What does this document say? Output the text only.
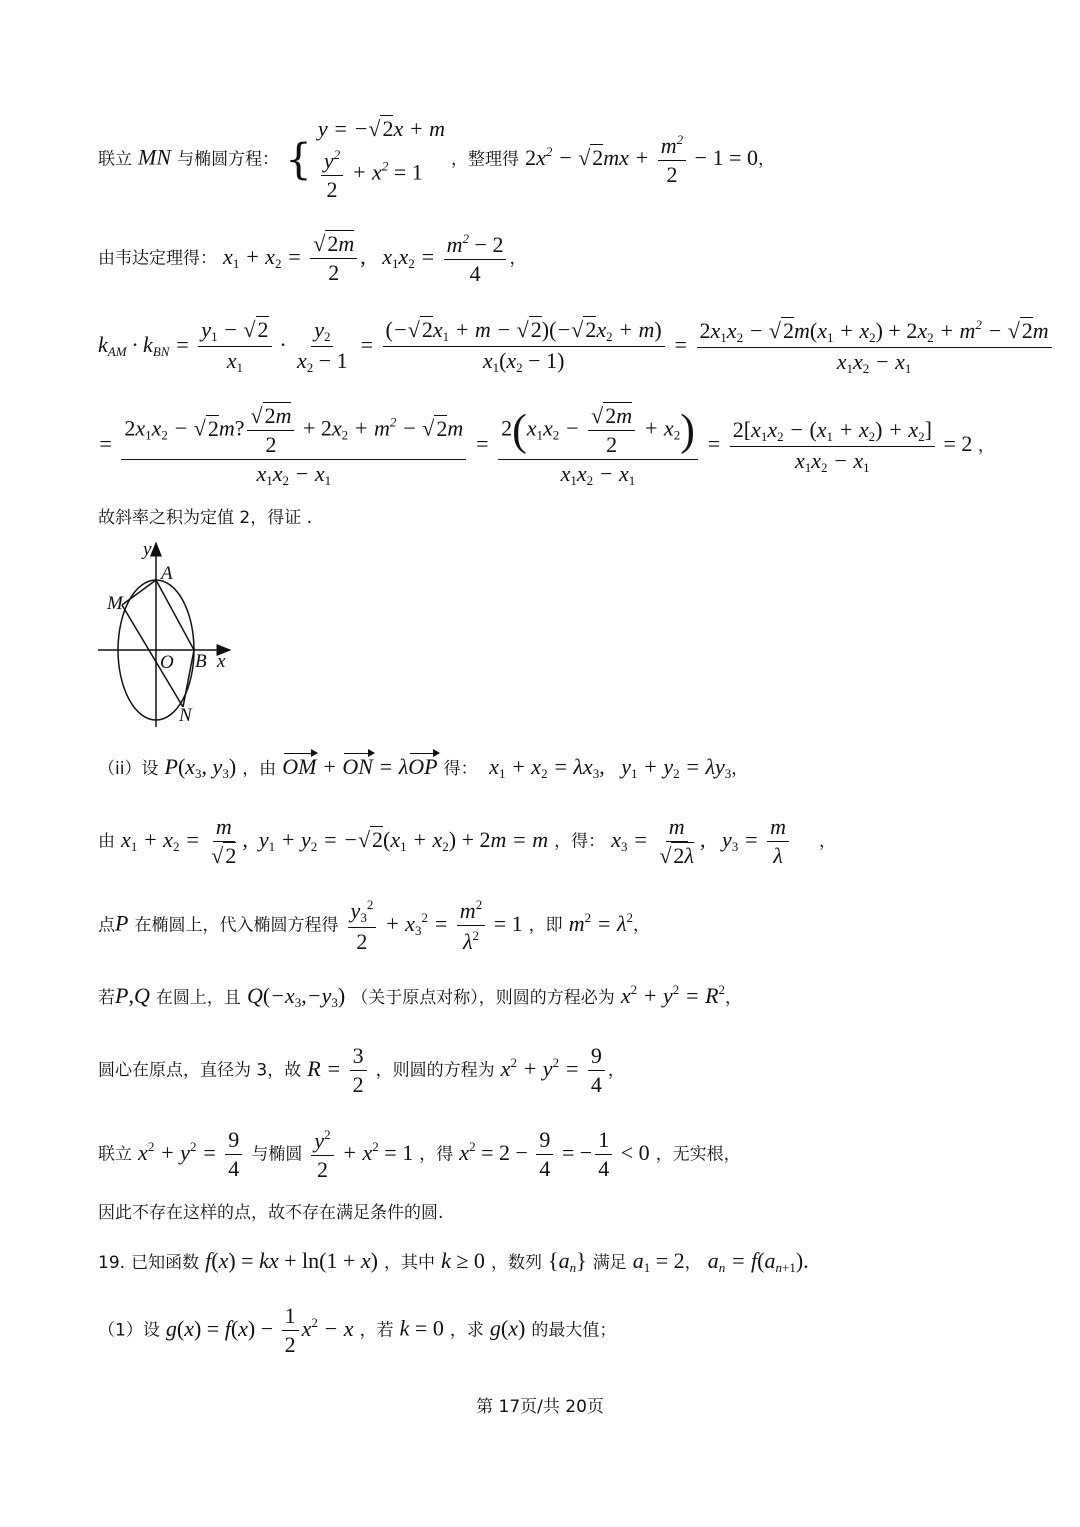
联立 MN 与椭圆方程： {
y = −√2x + m
$\frac{y^2}{2} + x^2 = 1$
，整理得 $2x^2 - √2mx + \frac{m^2}{2} - 1 = 0$，
由韦达定理得： $x_1 + x_2 = \frac{√2m}{2}$ ,   $x_1x_2 = \frac{m^2 - 2}{4}$ ，
$k_{AM} \cdot k_{BN} = \frac{y_1 - √2}{x_1} \cdot \frac{y_2}{x_2 - 1} = \frac{(-√2x_1 + m - √2)(-√2x_2 + m)}{x_1(x_2 - 1)} = \frac{2x_1x_2 - √2m(x_1 + x_2) + 2x_2 + m^2 - √2m}{x_1x_2 - x_1}$
= $\frac{2x_1x_2 - √2m? \frac{√2m}{2} + 2x_2 + m^2 - √2m}{x_1x_2 - x_1} = \frac{2(x_1x_2 - \frac{√2m}{2} + x_2)}{x_1x_2 - x_1} = \frac{2[x_1x_2 - (x_1 + x_2) + x_2]}{x_1x_2 - x_1} = 2$ ，
故斜率之积为定值 2，得证 .
y
A
M
O B x
N
（ii）设 $P(x_3$, $y_3$) ，由 OM + ON = λOP 得：  $x_1 + x_2 = \lambda x_3$,   $y_1 + y_2 = \lambda y_3$，
由 $x_1 + x_2 = \frac{m}{√2}$ ,  $y_1 + y_2 = -√2(x_1 + x_2) + 2m = m$ ，得： $x_3 = \frac{m}{√2\lambda}$ ,   $y_3 = \frac{m}{\lambda}$ ，
点P 在椭圆上，代入椭圆方程得 $\frac{y_3^2}{2} + x_3^2 = \frac{m^2}{\lambda^2} = 1$ ，即 $m^2 = \lambda^2$，
若P,Q 在圆上，且 $Q(-x_3,-y_3)$ （关于原点对称），则圆的方程必为 $x^2 + y^2 = R^2$，
圆心在原点，直径为 3，故 $R = \frac{3}{2}$ ，则圆的方程为 $x^2 + y^2 = \frac{9}{4}$ ，
联立 $x^2 + y^2 = \frac{9}{4}$ 与椭圆 $\frac{y^2}{2} + x^2 = 1$ ，得 $x^2 = 2 - \frac{9}{4}$ = − $\frac{1}{4} < 0$ ，无实根，
因此不存在这样的点，故不存在满足条件的圆.
19. 已知函数 f(x) = kx + ln(1 + x) ，其中 k ≥ 0 ，数列 $\{a_n\}$ 满足 $a_1 = 2$， $a_n = f(a_{n+1})$.
（1）设 $g(x) = f(x) - \frac{1}{2} x^2 - x$ ，若 k = 0 ，求 g(x) 的最大值；
第 17页/共 20页
